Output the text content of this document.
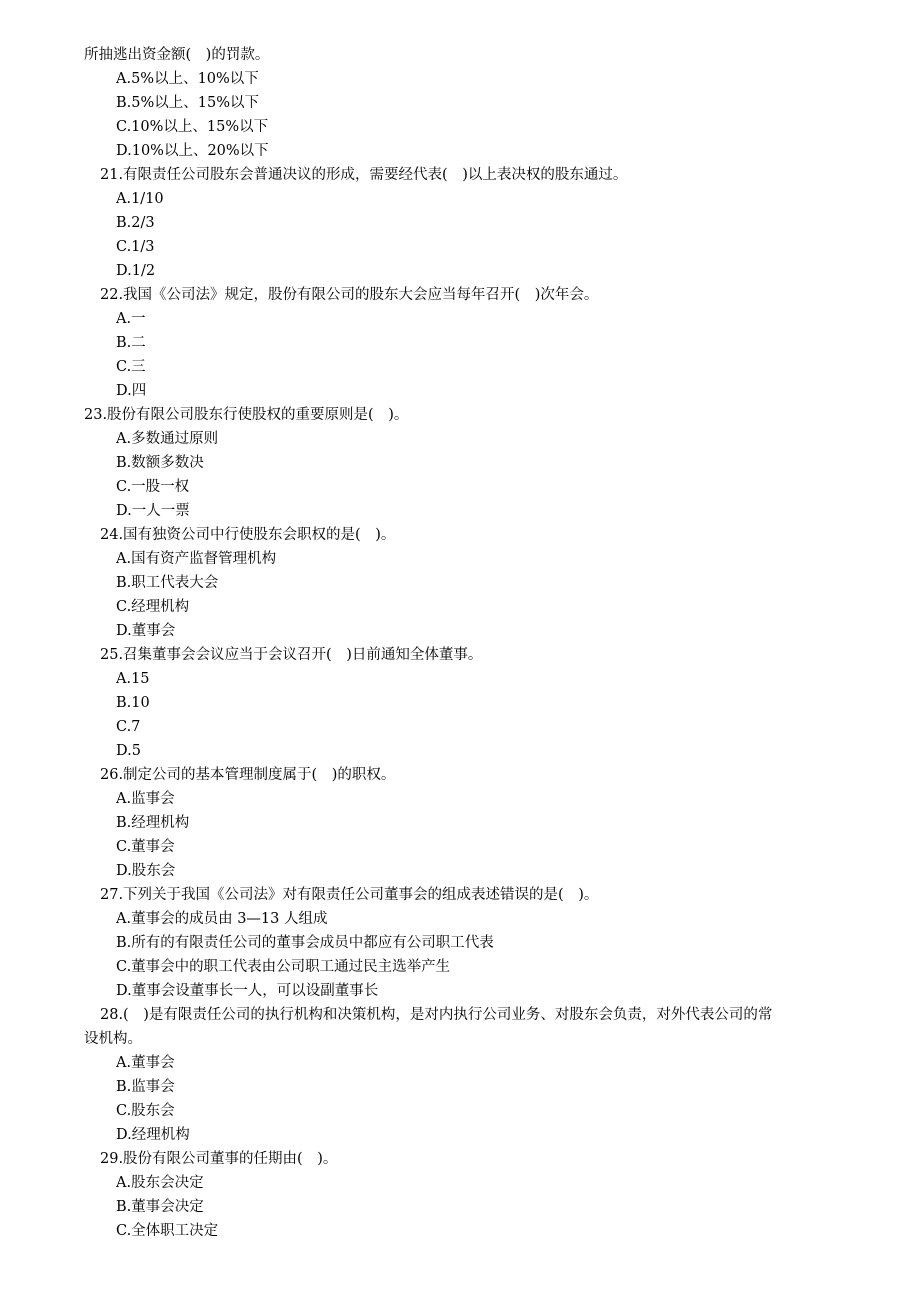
所抽逃出资金额(　)的罚款。
A.5%以上、10%以下
B.5%以上、15%以下
C.10%以上、15%以下
D.10%以上、20%以下
21.有限责任公司股东会普通决议的形成，需要经代表(　)以上表决权的股东通过。
A.1/10
B.2/3
C.1/3
D.1/2
22.我国《公司法》规定，股份有限公司的股东大会应当每年召开(　)次年会。
A.一
B.二
C.三
D.四
23.股份有限公司股东行使股权的重要原则是(　)。
A.多数通过原则
B.数额多数决
C.一股一权
D.一人一票
24.国有独资公司中行使股东会职权的是(　)。
A.国有资产监督管理机构
B.职工代表大会
C.经理机构
D.董事会
25.召集董事会会议应当于会议召开(　)日前通知全体董事。
A.15
B.10
C.7
D.5
26.制定公司的基本管理制度属于(　)的职权。
A.监事会
B.经理机构
C.董事会
D.股东会
27.下列关于我国《公司法》对有限责任公司董事会的组成表述错误的是(　)。
A.董事会的成员由 3—13 人组成
B.所有的有限责任公司的董事会成员中都应有公司职工代表
C.董事会中的职工代表由公司职工通过民主选举产生
D.董事会设董事长一人，可以设副董事长
28.(　)是有限责任公司的执行机构和决策机构，是对内执行公司业务、对股东会负责，对外代表公司的常
设机构。
A.董事会
B.监事会
C.股东会
D.经理机构
29.股份有限公司董事的任期由(　)。
A.股东会决定
B.董事会决定
C.全体职工决定
